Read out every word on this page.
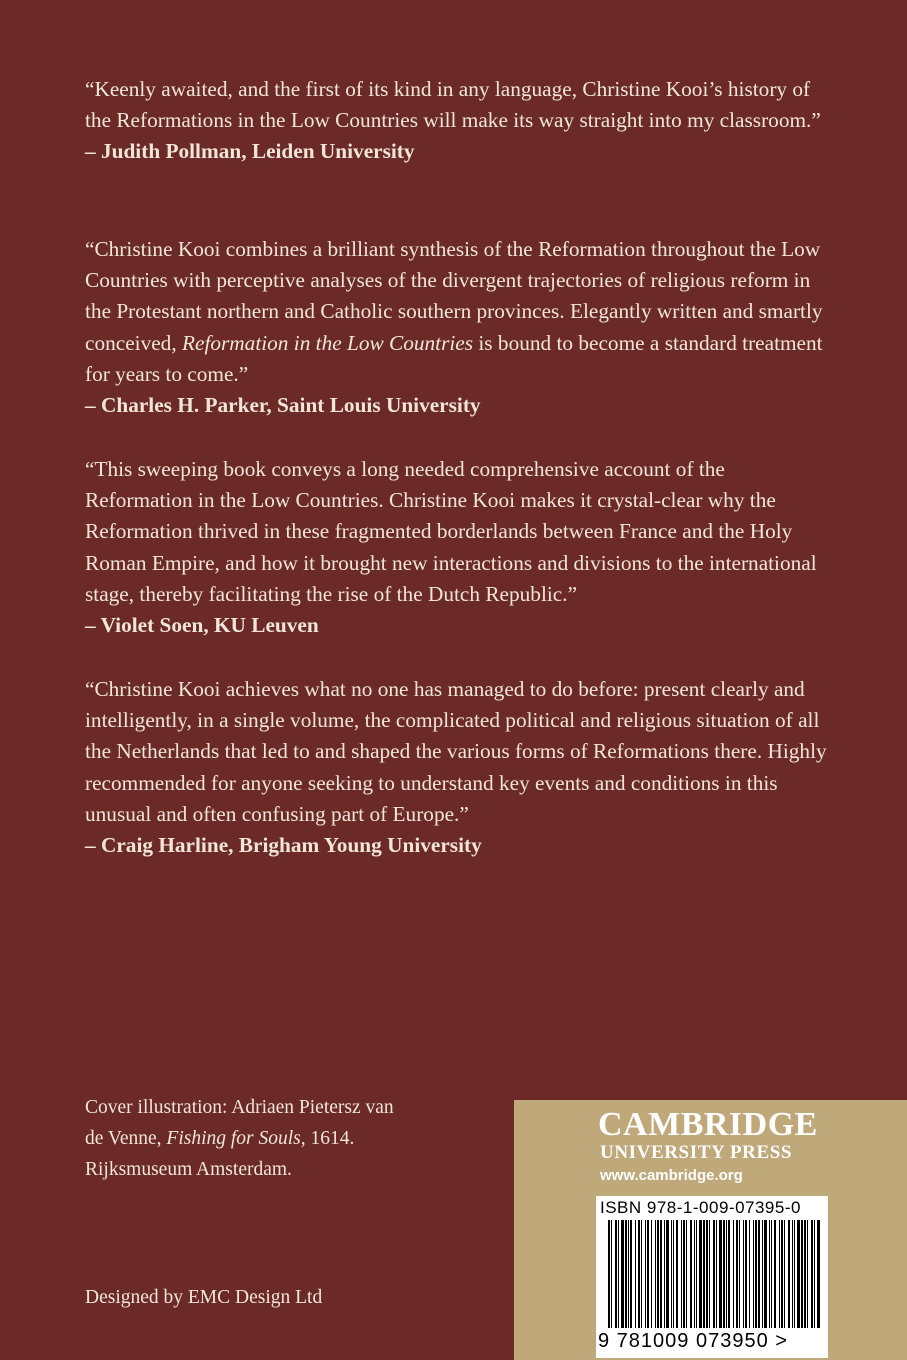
“Keenly awaited, and the first of its kind in any language, Christine Kooi’s history of the Reformations in the Low Countries will make its way straight into my classroom.”
– Judith Pollman, Leiden University
“Christine Kooi combines a brilliant synthesis of the Reformation throughout the Low Countries with perceptive analyses of the divergent trajectories of religious reform in the Protestant northern and Catholic southern provinces. Elegantly written and smartly conceived, Reformation in the Low Countries is bound to become a standard treatment for years to come.”
– Charles H. Parker, Saint Louis University
“This sweeping book conveys a long needed comprehensive account of the Reformation in the Low Countries. Christine Kooi makes it crystal-clear why the Reformation thrived in these fragmented borderlands between France and the Holy Roman Empire, and how it brought new interactions and divisions to the international stage, thereby facilitating the rise of the Dutch Republic.”
– Violet Soen, KU Leuven
“Christine Kooi achieves what no one has managed to do before: present clearly and intelligently, in a single volume, the complicated political and religious situation of all the Netherlands that led to and shaped the various forms of Reformations there. Highly recommended for anyone seeking to understand key events and conditions in this unusual and often confusing part of Europe.”
– Craig Harline, Brigham Young University
Cover illustration: Adriaen Pietersz van de Venne, Fishing for Souls, 1614. Rijksmuseum Amsterdam.
Designed by EMC Design Ltd
CAMBRIDGE
UNIVERSITY PRESS
www.cambridge.org
ISBN 978-1-009-07395-0
9 781009 073950 >
